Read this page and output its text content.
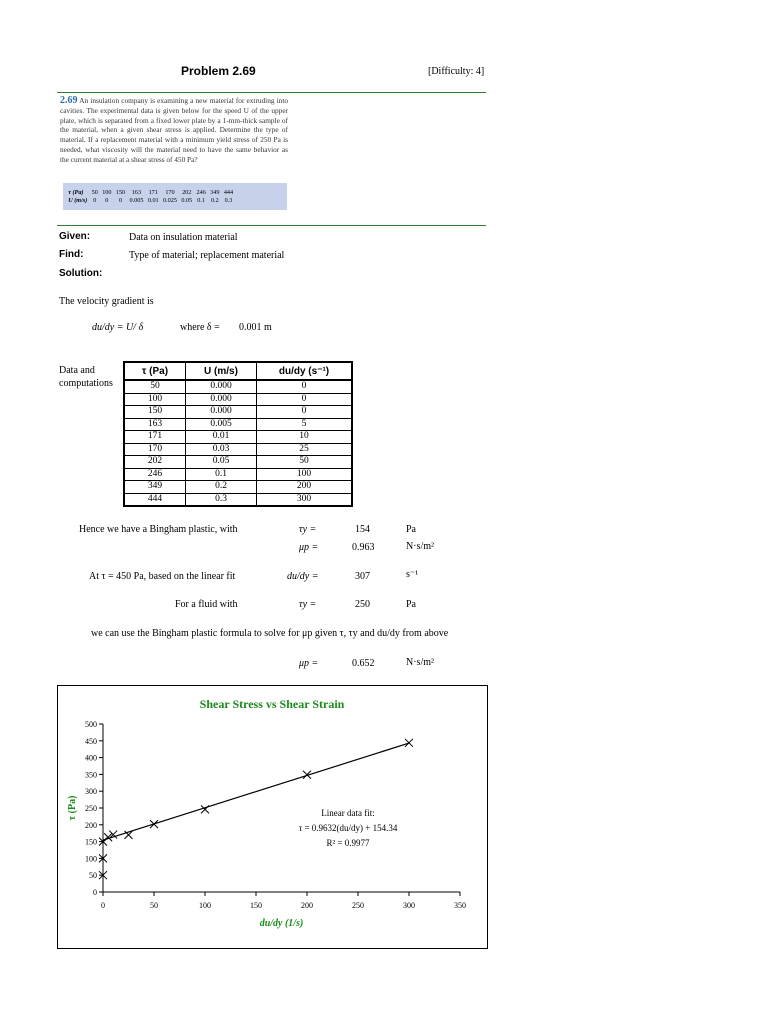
Problem 2.69	[Difficulty: 4]
2.69 An insulation company is examining a new material for extruding into cavities. The experimental data is given below for the speed U of the upper plate, which is separated from a fixed lower plate by a 1-mm-thick sample of the material, when a given shear stress is applied. Determine the type of material. If a replacement material with a minimum yield stress of 250 Pa is needed, what viscosity will the material need to have the same behavior as the current material at a shear stress of 450 Pa?
τ (Pa)	50	100	150	163	171	170	202	246	349	444
U (m/s)	0	0	0	0.005	0.01	0.025	0.05	0.1	0.2	0.3
Given:	Data on insulation material
Find:	Type of material; replacement material
Solution:
The velocity gradient is
du/dy = U/ δ	where δ = 0.001 m
Data and
computations
τ (Pa)	U (m/s)	du/dy (s⁻¹)
50	0.000	0
100	0.000	0
150	0.000	0
163	0.005	5
171	0.01	10
170	0.03	25
202	0.05	50
246	0.1	100
349	0.2	200
444	0.3	300
Hence we have a Bingham plastic, with	τy =	154	Pa
μp =	0.963	N·s/m²
At τ = 450 Pa, based on the linear fit	du/dy =	307	s⁻¹
For a fluid with	τy =	250	Pa
we can use the Bingham plastic formula to solve for μp given τ, τy and du/dy from above
μp =	0.652	N·s/m²
Shear Stress vs Shear Strain
0
50
100
150
200
250
300
350
400
450
500
0	50	100	150	200	250	300	350
du/dy (1/s)
τ (Pa)	Linear data fit:
τ = 0.9632(du/dy) + 154.34
R² = 0.9977
